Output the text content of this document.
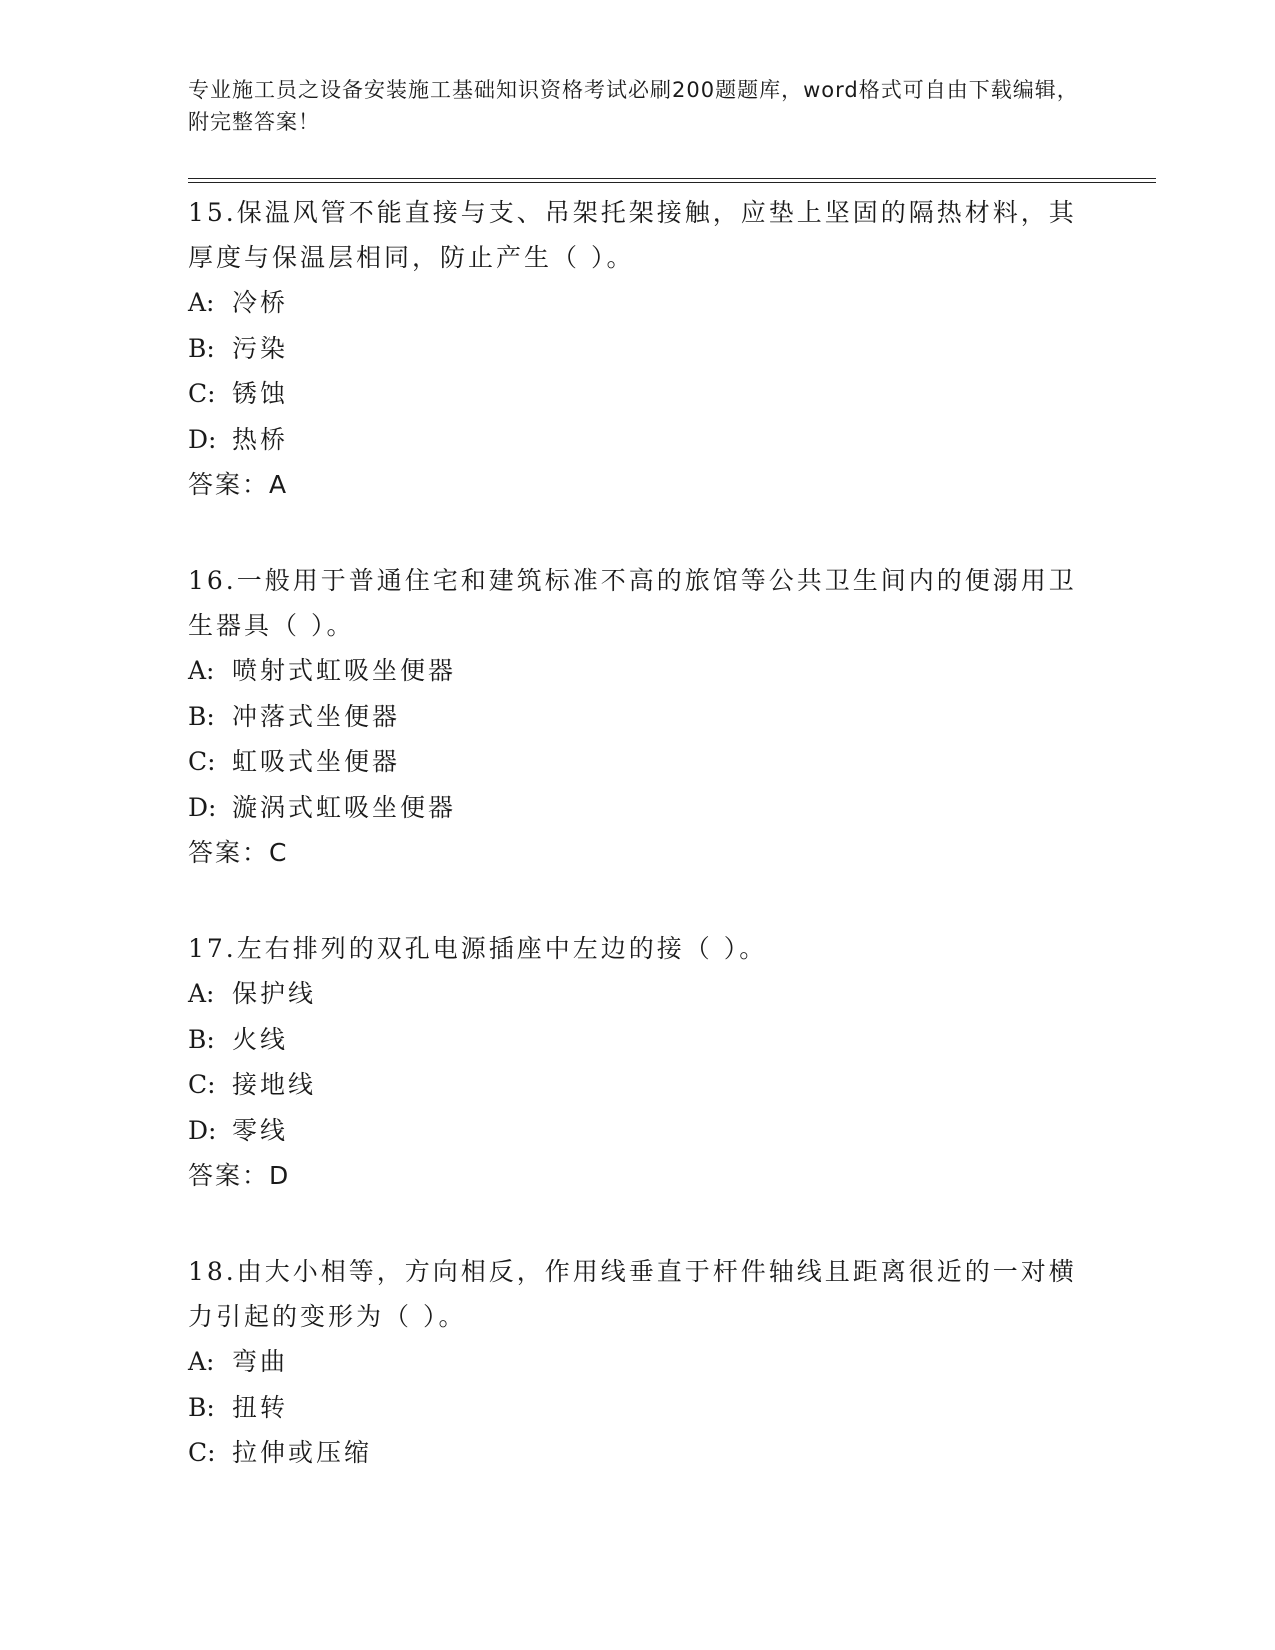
专业施工员之设备安装施工基础知识资格考试必刷200题题库，word格式可自由下载编辑，附完整答案！
15.保温风管不能直接与支、吊架托架接触，应垫上坚固的隔热材料，其厚度与保温层相同，防止产生（ ）。
A: 冷桥
B: 污染
C: 锈蚀
D: 热桥
答案：A
16.一般用于普通住宅和建筑标准不高的旅馆等公共卫生间内的便溺用卫生器具（ ）。
A: 喷射式虹吸坐便器
B: 冲落式坐便器
C: 虹吸式坐便器
D: 漩涡式虹吸坐便器
答案：C
17.左右排列的双孔电源插座中左边的接（ ）。
A: 保护线
B: 火线
C: 接地线
D: 零线
答案：D
18.由大小相等，方向相反，作用线垂直于杆件轴线且距离很近的一对横力引起的变形为（ ）。
A: 弯曲
B: 扭转
C: 拉伸或压缩
